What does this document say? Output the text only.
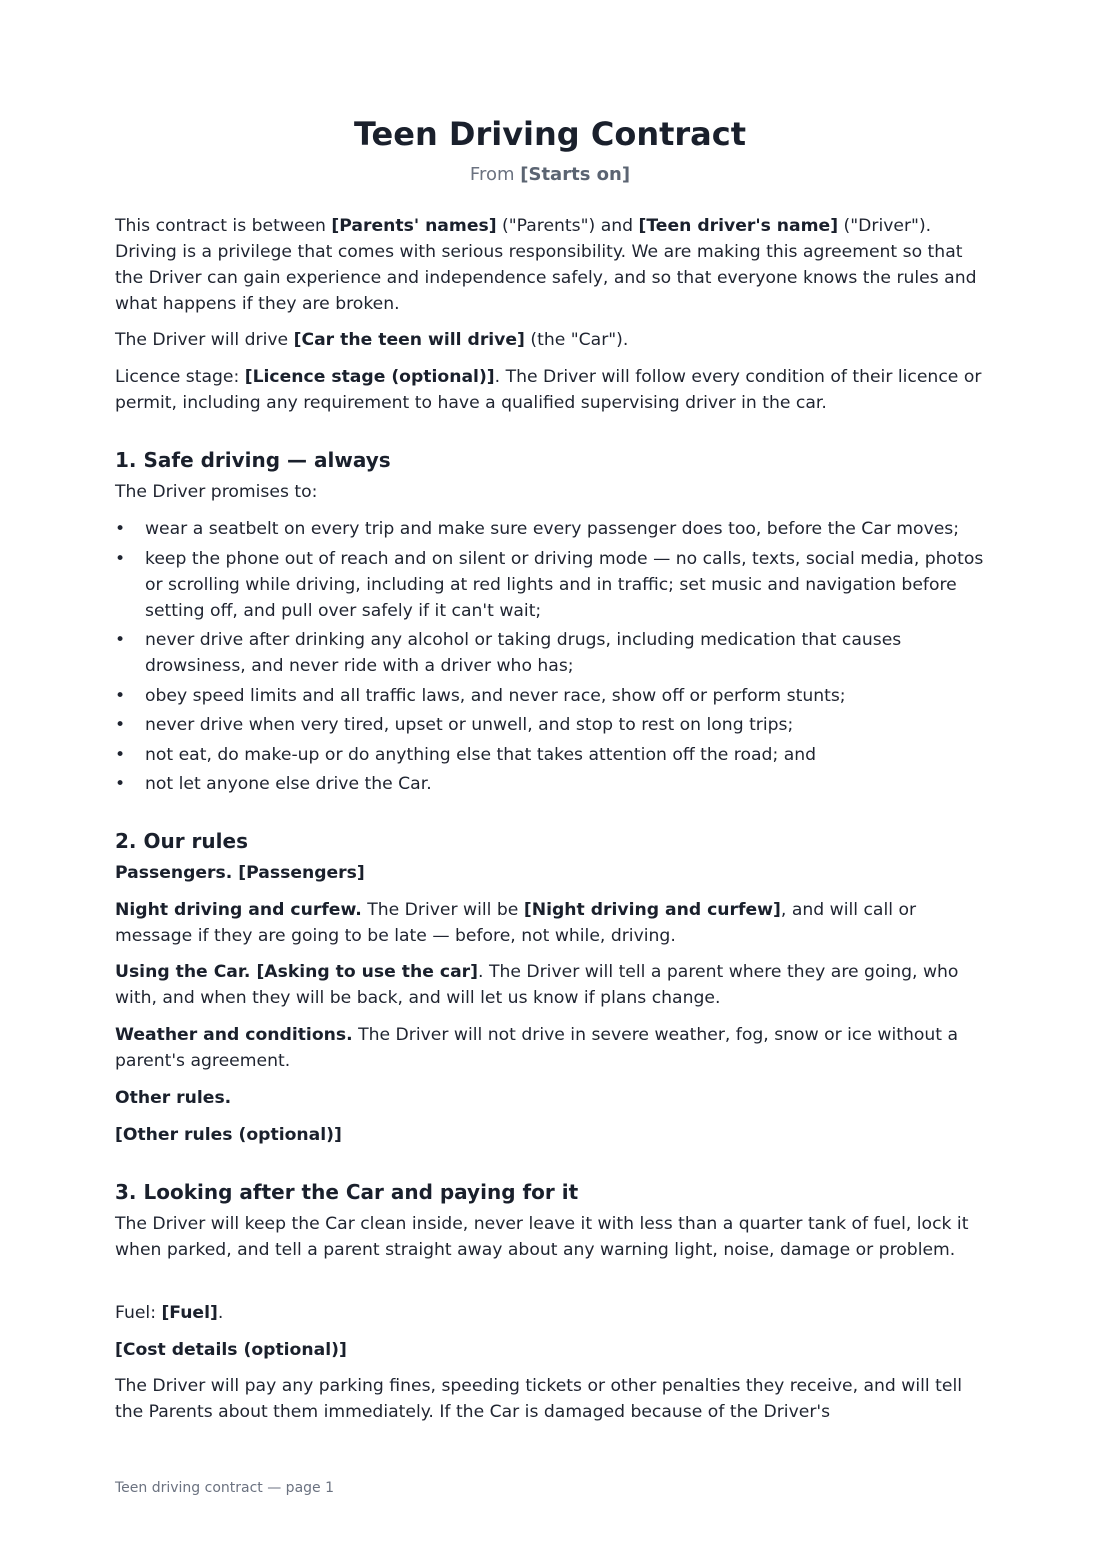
Teen Driving Contract
From [Starts on]

This contract is between [Parents' names] ("Parents") and [Teen driver's name] ("Driver"). Driving is a privilege that comes with serious responsibility. We are making this agreement so that the Driver can gain experience and independence safely, and so that everyone knows the rules and what happens if they are broken.

The Driver will drive [Car the teen will drive] (the "Car").

Licence stage: [Licence stage (optional)]. The Driver will follow every condition of their licence or permit, including any requirement to have a qualified supervising driver in the car.

1. Safe driving — always

The Driver promises to:

• wear a seatbelt on every trip and make sure every passenger does too, before the Car moves;
• keep the phone out of reach and on silent or driving mode — no calls, texts, social media, photos or scrolling while driving, including at red lights and in traffic; set music and navigation before setting off, and pull over safely if it can't wait;
• never drive after drinking any alcohol or taking drugs, including medication that causes drowsiness, and never ride with a driver who has;
• obey speed limits and all traffic laws, and never race, show off or perform stunts;
• never drive when very tired, upset or unwell, and stop to rest on long trips;
• not eat, do make-up or do anything else that takes attention off the road; and
• not let anyone else drive the Car.
2. Our rules

Passengers. [Passengers]

Night driving and curfew. The Driver will be [Night driving and curfew], and will call or message if they are going to be late — before, not while, driving.

Using the Car. [Asking to use the car]. The Driver will tell a parent where they are going, who with, and when they will be back, and will let us know if plans change.

Weather and conditions. The Driver will not drive in severe weather, fog, snow or ice without a parent's agreement.

Other rules.

[Other rules (optional)]

3. Looking after the Car and paying for it

The Driver will keep the Car clean inside, never leave it with less than a quarter tank of fuel, lock it when parked, and tell a parent straight away about any warning light, noise, damage or problem.

Fuel: [Fuel].

[Cost details (optional)]

The Driver will pay any parking fines, speeding tickets or other penalties they receive, and will tell the Parents about them immediately. If the Car is damaged because of the Driver's

Teen driving contract — page 1
